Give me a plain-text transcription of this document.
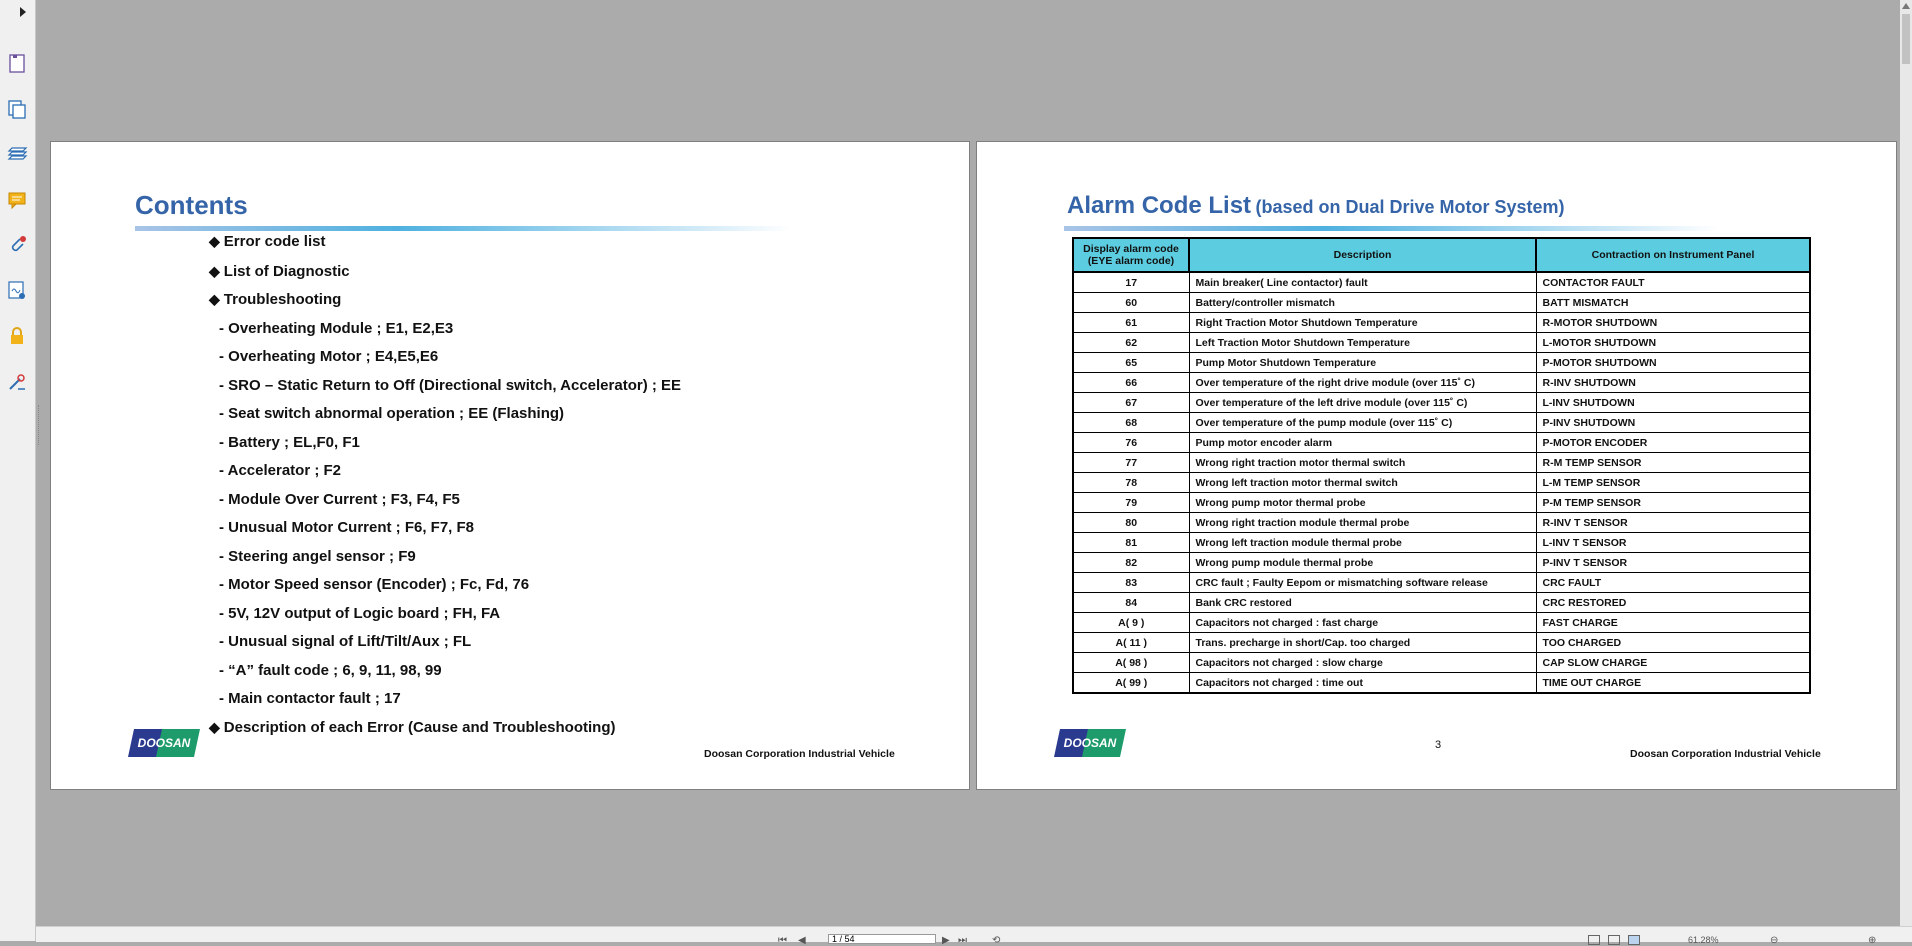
Contents
◆ Error code list
◆ List of Diagnostic
◆ Troubleshooting
- Overheating Module ; E1, E2,E3
- Overheating Motor ; E4,E5,E6
- SRO – Static Return to Off (Directional switch, Accelerator) ; EE
- Seat switch abnormal operation ; EE (Flashing)
- Battery ; EL,F0, F1
- Accelerator ; F2
- Module Over Current ; F3, F4, F5
- Unusual Motor Current ; F6, F7, F8
- Steering angel sensor ; F9
- Motor Speed sensor (Encoder) ; Fc, Fd, 76
- 5V, 12V output of Logic board ; FH, FA
- Unusual signal of Lift/Tilt/Aux ; FL
- “A” fault code ; 6, 9, 11, 98, 99
- Main contactor fault ; 17
◆ Description of each Error (Cause and Troubleshooting)
DOOSAN
Doosan Corporation Industrial Vehicle
Alarm Code List (based on Dual Drive Motor System)
Display alarm code
(EYE alarm code)	Description	Contraction on Instrument Panel
17	Main breaker( Line contactor) fault	CONTACTOR FAULT
60	Battery/controller mismatch	BATT MISMATCH
61	Right Traction Motor Shutdown Temperature	R-MOTOR SHUTDOWN
62	Left Traction Motor Shutdown Temperature	L-MOTOR SHUTDOWN
65	Pump Motor Shutdown Temperature	P-MOTOR SHUTDOWN
66	Over temperature of the right drive module (over 115˚ C)	R-INV SHUTDOWN
67	Over temperature of the left drive module (over 115˚ C)	L-INV SHUTDOWN
68	Over temperature of the pump module (over 115˚ C)	P-INV SHUTDOWN
76	Pump motor encoder alarm	P-MOTOR ENCODER
77	Wrong right traction motor thermal switch	R-M TEMP SENSOR
78	Wrong left traction motor thermal switch	L-M TEMP SENSOR
79	Wrong pump motor thermal probe	P-M TEMP SENSOR
80	Wrong right traction module thermal probe	R-INV T SENSOR
81	Wrong left traction module thermal probe	L-INV T SENSOR
82	Wrong pump module thermal probe	P-INV T SENSOR
83	CRC fault ; Faulty Eepom or mismatching software release	CRC FAULT
84	Bank CRC restored	CRC RESTORED
A( 9 )	Capacitors not charged : fast charge	FAST CHARGE
A( 11 )	Trans. precharge in short/Cap. too charged	TOO CHARGED
A( 98 )	Capacitors not charged : slow charge	CAP SLOW CHARGE
A( 99 )	Capacitors not charged : time out	TIME OUT CHARGE
3
DOOSAN
Doosan Corporation Industrial Vehicle
⏮ ◀
1 / 54	▶ ⏭	⟲	61.28%	⊖	⊕
